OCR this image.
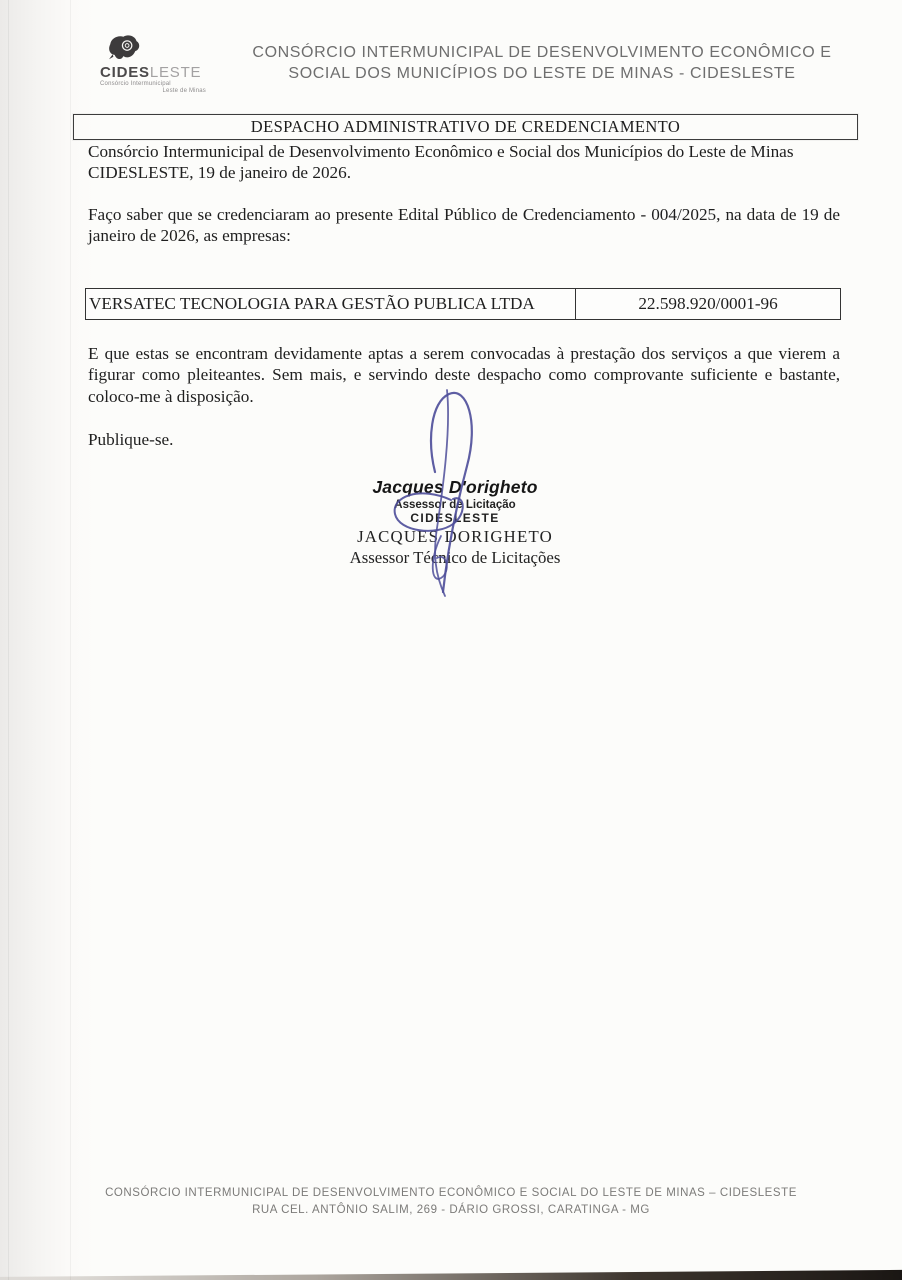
CIDESLESTE
Consórcio Intermunicipal
Leste de Minas
CONSÓRCIO INTERMUNICIPAL DE DESENVOLVIMENTO ECONÔMICO E
SOCIAL DOS MUNICÍPIOS DO LESTE DE MINAS - CIDESLESTE
DESPACHO ADMINISTRATIVO DE CREDENCIAMENTO

Consórcio Intermunicipal de Desenvolvimento Econômico e Social dos Municípios do Leste de Minas CIDESLESTE, 19 de janeiro de 2026.

Faço saber que se credenciaram ao presente Edital Público de Credenciamento - 004/2025, na data de 19 de janeiro de 2026, as empresas:

VERSATEC TECNOLOGIA PARA GESTÃO PUBLICA LTDA	22.598.920/0001-96

E que estas se encontram devidamente aptas a serem convocadas à prestação dos serviços a que vierem a figurar como pleiteantes. Sem mais, e servindo deste despacho como comprovante suficiente e bastante, coloco-me à disposição.

Publique-se.

Jacques D'origheto
Assessor de Licitação
CIDESLESTE
JACQUES DORIGHETO
Assessor Técnico de Licitações
CONSÓRCIO INTERMUNICIPAL DE DESENVOLVIMENTO ECONÔMICO E SOCIAL DO LESTE DE MINAS – CIDESLESTE
RUA CEL. ANTÔNIO SALIM, 269 - DÁRIO GROSSI, CARATINGA - MG
